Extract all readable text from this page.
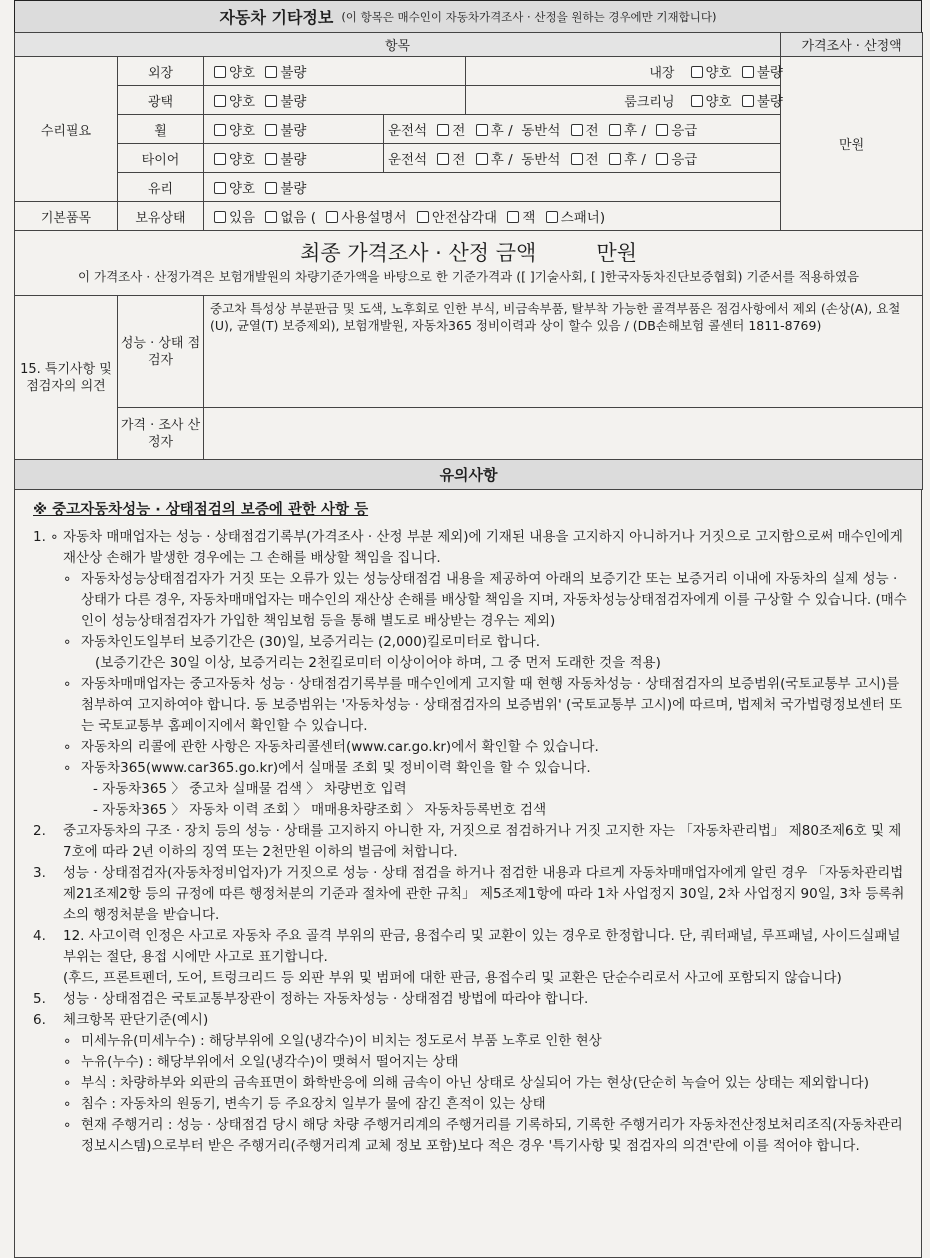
자동차 기타정보 (이 항목은 매수인이 자동차가격조사 · 산정을 원하는 경우에만 기재합니다)
항목						가격조사 · 산정액
수리필요	외장	양호 불량		내장	양호 불량	만원
	광택	양호 불량		룸크리닝	양호 불량	
	휠	양호 불량	운전석 전 후 / 동반석 전 후 / 응급			
	타이어	양호 불량	운전석 전 후 / 동반석 전 후 / 응급			
	유리	양호 불량				
기본품목	보유상태	있음 없음 ( 사용설명서 안전삼각대 잭 스패너)				

최종 가격조사 · 산정 금액 만원
이 가격조사 · 산정가격은 보험개발원의 차량기준가액을 바탕으로 한 기준가격과 ([ ]기술사회, [ ]한국자동차진단보증협회) 기준서를 적용하였음						

15. 특기사항 및 점검자의 의견	성능 · 상태 점검자	중고차 특성상 부분판금 및 도색, 노후회로 인한 부식, 비금속부품, 탈부착 가능한 골격부품은 점검사항에서 제외 (손상(A), 요철(U), 균열(T) 보증제외), 보험개발원, 자동차365 정비이력과 상이 할수 있음 / (DB손해보험 콜센터 1811-8769)				
	가격 · 조사 산정자					
유의사항						
※ 중고자동차성능 · 상태점검의 보증에 관한 사항 등
1. ∘ 자동차 매매업자는 성능 · 상태점검기록부(가격조사 · 산정 부분 제외)에 기재된 내용을 고지하지 아니하거나 거짓으로 고지함으로써 매수인에게 재산상 손해가 발생한 경우에는 그 손해를 배상할 책임을 집니다.
∘ 자동차성능상태점검자가 거짓 또는 오류가 있는 성능상태점검 내용을 제공하여 아래의 보증기간 또는 보증거리 이내에 자동차의 실제 성능 · 상태가 다른 경우, 자동차매매업자는 매수인의 재산상 손해를 배상할 책임을 지며, 자동차성능상태점검자에게 이를 구상할 수 있습니다. (매수인이 성능상태점검자가 가입한 책임보험 등을 통해 별도로 배상받는 경우는 제외)
∘ 자동차인도일부터 보증기간은 (30)일, 보증거리는 (2,000)킬로미터로 합니다.
(보증기간은 30일 이상, 보증거리는 2천킬로미터 이상이어야 하며, 그 중 먼저 도래한 것을 적용)
∘ 자동차매매업자는 중고자동차 성능 · 상태점검기록부를 매수인에게 고지할 때 현행 자동차성능 · 상태점검자의 보증범위(국토교통부 고시)를 첨부하여 고지하여야 합니다. 동 보증범위는 '자동차성능 · 상태점검자의 보증범위' (국토교통부 고시)에 따르며, 법제처 국가법령정보센터 또는 국토교통부 홈페이지에서 확인할 수 있습니다.
∘ 자동차의 리콜에 관한 사항은 자동차리콜센터(www.car.go.kr)에서 확인할 수 있습니다.
∘ 자동차365(www.car365.go.kr)에서 실매물 조회 및 정비이력 확인을 할 수 있습니다.
- 자동차365 〉 중고차 실매물 검색 〉 차량번호 입력
- 자동차365 〉 자동차 이력 조회 〉 매매용차량조회 〉 자동차등록번호 검색
2. 중고자동차의 구조 · 장치 등의 성능 · 상태를 고지하지 아니한 자, 거짓으로 점검하거나 거짓 고지한 자는 「자동차관리법」 제80조제6호 및 제7호에 따라 2년 이하의 징역 또는 2천만원 이하의 벌금에 처합니다.
3. 성능 · 상태점검자(자동차정비업자)가 거짓으로 성능 · 상태 점검을 하거나 점검한 내용과 다르게 자동차매매업자에게 알린 경우 「자동차관리법 제21조제2항 등의 규정에 따른 행정처분의 기준과 절차에 관한 규칙」 제5조제1항에 따라 1차 사업정지 30일, 2차 사업정지 90일, 3차 등록취소의 행정처분을 받습니다.
4. 12. 사고이력 인정은 사고로 자동차 주요 골격 부위의 판금, 용접수리 및 교환이 있는 경우로 한정합니다. 단, 쿼터패널, 루프패널, 사이드실패널 부위는 절단, 용접 시에만 사고로 표기합니다.
(후드, 프론트펜더, 도어, 트렁크리드 등 외판 부위 및 범퍼에 대한 판금, 용접수리 및 교환은 단순수리로서 사고에 포함되지 않습니다)
5. 성능 · 상태점검은 국토교통부장관이 정하는 자동차성능 · 상태점검 방법에 따라야 합니다.
6. 체크항목 판단기준(예시)
∘ 미세누유(미세누수) : 해당부위에 오일(냉각수)이 비치는 정도로서 부품 노후로 인한 현상
∘ 누유(누수) : 해당부위에서 오일(냉각수)이 맺혀서 떨어지는 상태
∘ 부식 : 차량하부와 외판의 금속표면이 화학반응에 의해 금속이 아닌 상태로 상실되어 가는 현상(단순히 녹슬어 있는 상태는 제외합니다)
∘ 침수 : 자동차의 원동기, 변속기 등 주요장치 일부가 물에 잠긴 흔적이 있는 상태
∘ 현재 주행거리 : 성능 · 상태점검 당시 해당 차량 주행거리계의 주행거리를 기록하되, 기록한 주행거리가 자동차전산정보처리조직(자동차관리정보시스템)으로부터 받은 주행거리(주행거리계 교체 정보 포함)보다 적은 경우 '특기사항 및 점검자의 의견'란에 이를 적어야 합니다.
